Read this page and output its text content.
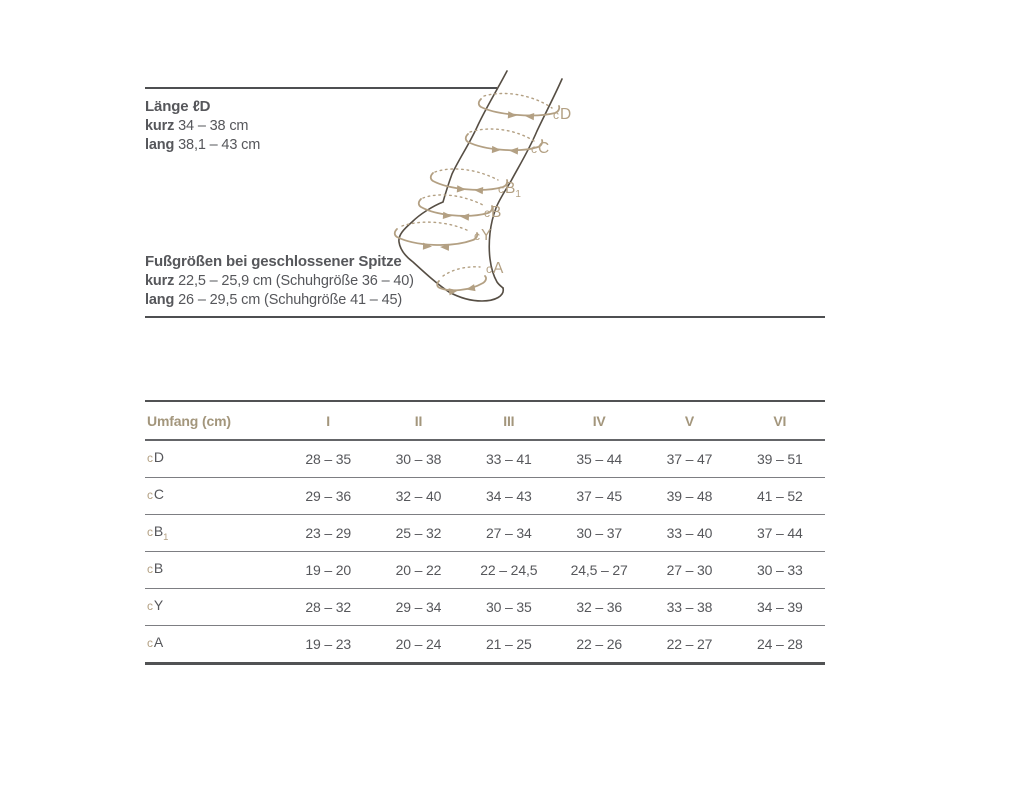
Länge ℓD
kurz 34 – 38 cm
lang 38,1 – 43 cm
Fußgrößen bei geschlossener Spitze
kurz 22,5 – 25,9 cm (Schuhgröße 36 – 40)
lang 26 – 29,5 cm (Schuhgröße 41 – 45)
cD
cC
$cB_1$
cB
cY
cA
Umfang (cm)	I	II	III	IV	V	VI
cD	28 – 35	30 – 38	33 – 41	35 – 44	37 – 47	39 – 51
cC	29 – 36	32 – 40	34 – 43	37 – 45	39 – 48	41 – 52
$cB_1$	23 – 29	25 – 32	27 – 34	30 – 37	33 – 40	37 – 44
cB	19 – 20	20 – 22	22 – 24,5	24,5 – 27	27 – 30	30 – 33
cY	28 – 32	29 – 34	30 – 35	32 – 36	33 – 38	34 – 39
cA	19 – 23	20 – 24	21 – 25	22 – 26	22 – 27	24 – 28
